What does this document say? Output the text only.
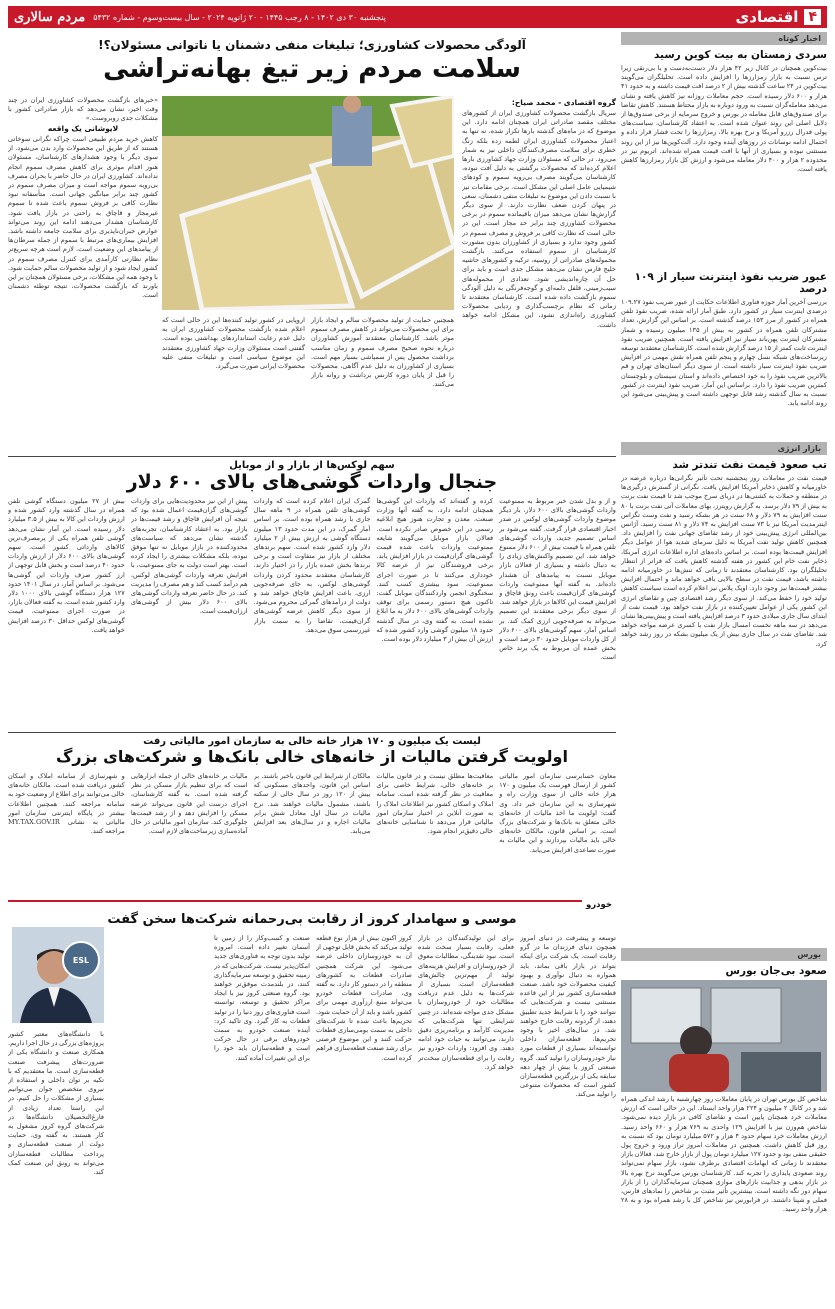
۴
اقتصادی
پنجشنبه ۳۰ دی ۱۴۰۲ - ۸ رجب ۱۴۴۵ - ۲۰ ژانویه ۲۰۲۴ - سال بیست‌و‌سوم - شماره ۵۴۳۲
مردم سالاری
اخبار کوتاه
سردی زمستان به بیت کوین رسید

بیت‌کوین همچنان در کانال زیر ۴۲ هزار دلار دست‌به‌دست و با بی‌رنقی زیرا ترس نسبت به بازار رمزارزها را افزایش داده است. تحلیلگران می‌گویند بیت‌کوین در ۲۴ ساعت گذشته بیش از ۲ درصد افت قیمت داشته و به حدود ۴۱ هزار و ۶۰۰ دلار رسیده است. حجم معاملات روزانه نیز کاهش یافته و نشان می‌دهد معامله‌گران نسبت به ورود دوباره به بازار محتاط هستند. کاهش تقاضا برای صندوق‌های قابل معامله در بورس و خروج سرمایه از برخی صندوق‌ها از دلایل اصلی این روند عنوان شده است. به اعتقاد کارشناسان، سیاست‌های پولی فدرال رزرو آمریکا و نرخ بهره بالا، رمزارزها را تحت فشار قرار داده و احتمال ادامه نوسانات در روزهای آینده وجود دارد. آلت‌کوین‌ها نیز از این روند مستثنی نبوده و بسیاری از آنها با افت قیمت همراه شده‌اند. اتریوم نیز در محدوده ۲ هزار و ۴۰۰ دلار معامله می‌شود و ارزش کل بازار رمزارزها کاهش یافته است.

عبور ضریب نفوذ اینترنت سیار از ۱۰۹ درصد

بررسی آخرین آمار حوزه فناوری اطلاعات حکایت از عبور ضریب نفوذ ۱۰۹.۲۷ درصدی اینترنت سیار در کشور دارد. طبق آمار ارائه شده، ضریب نفوذ تلفن همراه در کشور از مرز ۱۵۳ درصد گذشته است. بر اساس این گزارش، تعداد مشترکان تلفن همراه در کشور به بیش از ۱۳۵ میلیون رسیده و شمار مشترکان اینترنت پهن‌باند سیار نیز افزایش یافته است. همچنین ضریب نفوذ اینترنت ثابت کمتر از ۱۵ درصد گزارش شده است. کارشناسان معتقدند توسعه زیرساخت‌های شبکه نسل چهارم و پنجم تلفن همراه نقش مهمی در افزایش ضریب نفوذ اینترنت سیار داشته است. از سوی دیگر استان‌های تهران و قم بالاترین ضریب نفوذ را به خود اختصاص داده‌اند و استان سیستان و بلوچستان کمترین ضریب نفوذ را دارد. براساس این آمار، ضریب نفوذ اینترنت در کشور نسبت به سال گذشته رشد قابل توجهی داشته است و پیش‌بینی می‌شود این روند ادامه یابد.

بازار انرژی
تب صعود قیمت نفت تندتر شد

قیمت نفت در معاملات روز پنجشنبه تحت تأثیر نگرانی‌ها درباره عرضه در خاورمیانه و کاهش ذخایر آمریکا افزایش یافت. نگرانی از گسترش درگیری‌ها در منطقه و حملات به کشتی‌ها در دریای سرخ موجب شد تا قیمت نفت برنت به بیش از ۷۹ دلار برسد. به گزارش رویترز، بهای معاملات آتی نفت برنت با ۸۰ سنت افزایش به ۷۹ دلار و ۶۸ سنت در هر بشکه رسید و نفت وست تگزاس اینترمدیت آمریکا نیز با ۷۳ سنت افزایش به ۷۴ دلار و ۸۱ سنت رسید. آژانس بین‌المللی انرژی پیش‌بینی خود از رشد تقاضای جهانی نفت را افزایش داد. همچنین کاهش تولید نفت آمریکا به دلیل سرمای شدید هوا از عوامل دیگر افزایش قیمت‌ها بوده است. بر اساس داده‌های اداره اطلاعات انرژی آمریکا، ذخایر نفت خام این کشور در هفته گذشته کاهش یافت که فراتر از انتظار تحلیلگران بود. کارشناسان معتقدند تا زمانی که تنش‌ها در خاورمیانه ادامه داشته باشد، قیمت نفت در سطح بالایی باقی خواهد ماند و احتمال افزایش بیشتر قیمت‌ها نیز وجود دارد. اوپک پلاس نیز اعلام کرده است سیاست کاهش تولید خود را حفظ می‌کند. از سوی دیگر رشد اقتصادی چین و تقاضای انرژی این کشور یکی از عوامل تعیین‌کننده در بازار نفت خواهد بود. قیمت نفت از ابتدای سال جاری میلادی حدود ۳ درصد افزایش یافته است و پیش‌بینی‌ها نشان می‌دهد در سه ماهه نخست امسال بازار نفت با کسری عرضه مواجه خواهد شد. تقاضای نفت در سال جاری بیش از یک میلیون بشکه در روز رشد خواهد کرد.

بورس
صعود بی‌جان بورس

شاخص کل بورس تهران در پایان معاملات روز چهارشنبه با رشد اندکی همراه شد و در کانال ۲ میلیون و ۲۲۴ هزار واحد ایستاد. این در حالی است که ارزش معاملات خرد همچنان پایین است و تقاضای کافی در بازار دیده نمی‌شود. شاخص هم‌وزن نیز با افزایش ۱۲۹ واحدی به ۷۶۹ هزار و ۶۶۰ واحد رسید. ارزش معاملات خرد سهام حدود ۴ هزار و ۵۷۲ میلیارد تومان بود که نسبت به روز قبل کاهش داشت. همچنین در معاملات امروز تراز ورود و خروج پول حقیقی منفی بود و حدود ۱۲۷ میلیارد تومان پول از بازار خارج شد. فعالان بازار معتقدند تا زمانی که ابهامات اقتصادی برطرف نشود، بازار سهام نمی‌تواند روند صعودی پایداری را تجربه کند. کارشناسان بورس می‌گویند نرخ بهره بالا در بازار بدهی و جذابیت بازارهای موازی همچنان سرمایه‌گذاران را از بازار سهام دور نگه داشته است. بیشترین تأثیر مثبت بر شاخص را نمادهای فارس، فملی و شپنا داشتند. در فرابورس نیز شاخص کل با رشد همراه بود و به ۲۸ هزار واحد رسید.

آلودگی محصولات کشاورزی؛ تبلیغات منفی دشمنان یا ناتوانی مسئولان؟!

سلامت مردم زیر تیغ بهانه‌تراشی

گروه اقتصادی - محمد صیاح:

سریال بازگشت محصولات کشاورزی ایران از کشورهای مختلف مقصد صادراتی ایران همچنان ادامه دارد. این موضوع که در ماه‌های گذشته بارها تکرار شده، نه تنها به اعتبار محصولات کشاورزی ایران لطمه زده بلکه زنگ خطری برای سلامت مصرف‌کنندگان داخلی نیز به شمار می‌رود. در حالی که مسئولان وزارت جهاد کشاورزی بارها اعلام کرده‌اند که محصولات برگشتی به دلیل آفت نبوده، کارشناسان می‌گویند مصرف بی‌رویه سموم و کودهای شیمیایی عامل اصلی این مشکل است. برخی مقامات نیز با نسبت دادن این موضوع به تبلیغات منفی دشمنان، سعی در پنهان کردن ضعف نظارت دارند. از سوی دیگر گزارش‌ها نشان می‌دهد میزان باقیمانده سموم در برخی محصولات کشاورزی چند برابر حد مجاز است. این در حالی است که نظارت کافی بر فروش و مصرف سموم در کشور وجود ندارد و بسیاری از کشاورزان بدون مشورت کارشناسان از سموم استفاده می‌کنند. بازگشت محموله‌های صادراتی از روسیه، ترکیه و کشورهای حاشیه خلیج فارس نشان می‌دهد مشکل جدی است و باید برای حل آن چاره‌اندیشی شود. تعدادی از محموله‌های سیب‌زمینی، فلفل دلمه‌ای و گوجه‌فرنگی به دلیل آلودگی سموم بازگشت داده شده است. کارشناسان معتقدند تا زمانی که نظام برچسب‌گذاری و ردیابی محصولات کشاورزی راه‌اندازی نشود، این مشکل ادامه خواهد داشت.

«خبرهای بازگشت محصولات کشاورزی ایران در چند وقت اخیر، نشان می‌دهد که بازار صادراتی کشور با مشکلات جدی روبروست.»

لایوشانی یک واقعه

کاهش خرید مردم طبیعی است چراکه نگرانی سوخاتی هستند که از طریق این محصولات وارد بدن می‌شود. از سوی دیگر با وجود هشدارهای کارشناسان، مسئولان هنوز اقدام موثری برای کاهش مصرف سموم انجام نداده‌اند. کشاورزی ایران در حال حاضر با بحران مصرف بی‌رویه سموم مواجه است و میزان مصرف سموم در کشور چند برابر میانگین جهانی است. متأسفانه نبود نظارت کافی بر فروش سموم باعث شده تا سموم غیرمجاز و قاچاق به راحتی در بازار یافت شود. کارشناسان هشدار می‌دهند ادامه این روند می‌تواند عوارض جبران‌ناپذیری برای سلامت جامعه داشته باشد. افزایش بیماری‌های مرتبط با سموم از جمله سرطان‌ها از پیامدهای این وضعیت است. لازم است هرچه سریع‌تر نظام نظارتی کارآمدی برای کنترل مصرف سموم در کشور ایجاد شود و از تولید محصولات سالم حمایت شود. با وجود همه این مشکلات، برخی مسئولان همچنان بر این باورند که بازگشت محصولات، نتیجه توطئه دشمنان است.

همچنین حمایت از تولید محصولات سالم و ایجاد بازار برای این محصولات می‌تواند در کاهش مصرف سموم موثر باشد. کارشناسان معتقدند آموزش کشاورزان درباره نحوه صحیح مصرف سموم و زمان مناسب برداشت محصول پس از سمپاشی بسیار مهم است. بسیاری از کشاورزان به دلیل عدم آگاهی، محصولات را قبل از پایان دوره کارنس برداشت و روانه بازار می‌کنند.

اروپایی در کشور تولید کننده‌ها این در حالی است که اعلام شده بازگشت محصولات کشاورزی ایران به دلیل عدم رعایت استانداردهای بهداشتی بوده است. گفتنی است مسئولان وزارت جهاد کشاورزی معتقدند این موضوع سیاسی است و تبلیغات منفی علیه محصولات ایرانی صورت می‌گیرد.

سهم لوکس‌ها از بازار و از موبایل
جنجال واردات گوشی‌های بالای ۶۰۰ دلار

و از و بدل شدن خبر مربوط به ممنوعیت واردات گوشی‌های بالای ۶۰۰ دلار، بار دیگر موضوع واردات گوشی‌های لوکس در صدر اخبار اقتصادی قرار گرفت. گفته می‌شود بر اساس تصمیم جدید، واردات گوشی‌های تلفن همراه با قیمت بیش از ۶۰۰ دلار ممنوع خواهد شد. این تصمیم واکنش‌های زیادی را به دنبال داشته و بسیاری از فعالان بازار موبایل نسبت به پیامدهای آن هشدار داده‌اند. به گفته آنها ممنوعیت واردات گوشی‌های گران‌قیمت باعث رونق قاچاق و افزایش قیمت این کالاها در بازار خواهد شد. از سوی دیگر برخی معتقدند این تصمیم می‌تواند به صرفه‌جویی ارزی کمک کند. بر اساس آمار، سهم گوشی‌های بالای ۶۰۰ دلار از کل واردات موبایل حدود ۳۰ درصد است و بخش عمده آن مربوط به یک برند خاص است.

کرده و گفته‌اند که واردات این گوشی‌ها همچنان ادامه دارد. به گفته آنها وزارت صنعت، معدن و تجارت هنوز هیچ ابلاغیه رسمی در این خصوص صادر نکرده است. فعالان بازار موبایل می‌گویند شایعه ممنوعیت واردات باعث شده قیمت گوشی‌های گران‌قیمت در بازار افزایش یابد. برخی فروشندگان نیز از عرضه کالا خودداری می‌کنند تا در صورت اجرای ممنوعیت، سود بیشتری کسب کنند. سخنگوی انجمن واردکنندگان موبایل گفت: تاکنون هیچ دستور رسمی برای توقف واردات گوشی‌های بالای ۶۰۰ دلار به ما ابلاغ نشده است. به گفته وی، در سال گذشته حدود ۱۸ میلیون گوشی وارد کشور شده که ارزش آن بیش از ۳ میلیارد دلار بوده است.

گمرک ایران اعلام کرده است که واردات گوشی‌های تلفن همراه در ۹ ماهه سال جاری با رشد همراه بوده است. بر اساس آمار گمرک، در این مدت حدود ۱۳ میلیون دستگاه گوشی به ارزش بیش از ۲ میلیارد دلار وارد کشور شده است. سهم برندهای مختلف از بازار نیز متفاوت است و برخی برندها بخش عمده بازار را در اختیار دارند. کارشناسان معتقدند محدود کردن واردات گوشی‌های لوکس، به جای صرفه‌جویی ارزی، باعث افزایش قاچاق خواهد شد و دولت از درآمدهای گمرکی محروم می‌شود. از سوی دیگر کاهش عرضه گوشی‌های گران‌قیمت، تقاضا را به سمت بازار غیررسمی سوق می‌دهد.

پیش از این نیز محدودیت‌هایی برای واردات گوشی‌های گران‌قیمت اعمال شده بود که نتیجه آن افزایش قاچاق و رشد قیمت‌ها در بازار بود. به اعتقاد کارشناسان، تجربه‌های گذشته نشان می‌دهد که سیاست‌های محدودکننده در بازار موبایل نه تنها موفق نبوده، بلکه مشکلات بیشتری را ایجاد کرده است. بهتر است دولت به جای ممنوعیت، با افزایش تعرفه واردات گوشی‌های لوکس، هم درآمد کسب کند و هم مصرف را مدیریت کند. در حال حاضر تعرفه واردات گوشی‌های بالای ۶۰۰ دلار بیش از گوشی‌های ارزان‌قیمت است.

بیش از ۲۷ میلیون دستگاه گوشی تلفن همراه در سال گذشته وارد کشور شده و ارزش واردات این کالا به بیش از ۳.۵ میلیارد دلار رسیده است. این آمار نشان می‌دهد گوشی تلفن همراه یکی از پرمصرف‌ترین کالاهای وارداتی کشور است. سهم گوشی‌های بالای ۶۰۰ دلار از ارزش واردات حدود ۴۰ درصد است و بخش قابل توجهی از ارز کشور صرف واردات این گوشی‌ها می‌شود. بر اساس آمار، در سال ۱۴۰۱ حدود ۱۲۷ هزار دستگاه گوشی بالای ۱۰۰۰ دلار وارد کشور شده است. به گفته فعالان بازار، در صورت اجرای ممنوعیت، قیمت گوشی‌های لوکس حداقل ۳۰ درصد افزایش خواهد یافت.

لیست یک میلیون و ۱۷۰ هزار خانه خالی به سازمان امور مالیاتی رفت
اولویت گرفتن مالیات از خانه‌های خالی بانک‌ها و شرکت‌های بزرگ

معاون حسابرسی سازمان امور مالیاتی کشور از ارسال فهرست یک میلیون و ۱۷۰ هزار خانه خالی از سوی وزارت راه و شهرسازی به این سازمان خبر داد. وی گفت: اولویت ما اخذ مالیات از خانه‌های خالی متعلق به بانک‌ها و شرکت‌های بزرگ است. بر اساس قانون، مالکان خانه‌های خالی باید مالیات بپردازند و این مالیات به صورت تصاعدی افزایش می‌یابد.

معافیت‌ها مطلق نیست و در قانون مالیات بر خانه‌های خالی، شرایط خاصی برای معافیت در نظر گرفته شده است. سامانه املاک و اسکان کشور نیز اطلاعات املاک را به صورت آنلاین در اختیار سازمان امور مالیاتی قرار می‌دهد تا شناسایی خانه‌های خالی دقیق‌تر انجام شود.

مالکان از شرایط این قانون باخبر باشند. بر اساس این قانون، واحدهای مسکونی که بیش از ۱۲۰ روز در سال خالی از سکنه باشند، مشمول مالیات خواهند شد. نرخ مالیات در سال اول معادل شش برابر مالیات اجاره و در سال‌های بعد افزایش می‌یابد.

مالیات بر خانه‌های خالی از جمله ابزارهایی است که برای تنظیم بازار مسکن در نظر گرفته شده است. به گفته کارشناسان، اجرای درست این قانون می‌تواند عرضه مسکن را افزایش دهد و از رشد قیمت‌ها جلوگیری کند. سازمان امور مالیاتی در حال آماده‌سازی زیرساخت‌های لازم است.

و شهرسازی از سامانه املاک و اسکان کشور دریافت شده است. مالکان خانه‌های خالی می‌توانند برای اطلاع از وضعیت خود به سامانه مراجعه کنند. همچنین اطلاعات بیشتر در پایگاه اینترنتی سازمان امور مالیاتی به نشانی MY.TAX.GOV.IR مراجعه کنند.

خودرو
موسی و سهامدار کروز از رقابت بی‌رحمانه شرکت‌ها سخن گفت
ESL

توسعه و پیشرفت در دنیای امروز همچون دنیای فرزندان ما در گرو رقابت است. یک شرکت برای اینکه بتواند در بازار باقی بماند، باید همواره به دنبال نوآوری و بهبود کیفیت محصولات خود باشد. صنعت قطعه‌سازی کشور نیز از این قاعده مستثنی نیست و شرکت‌هایی که نتوانند خود را با شرایط جدید تطبیق دهند، از گردونه رقابت خارج خواهند شد. در سال‌های اخیر با وجود تحریم‌ها، قطعه‌سازان داخلی توانسته‌اند بسیاری از قطعات مورد نیاز خودروسازان را تولید کنند. گروه صنعتی کروز با بیش از چهار دهه سابقه یکی از بزرگترین قطعه‌سازان کشور است که محصولات متنوعی را تولید می‌کند.

برای این تولیدکنندگان در بازار فعلی، رقابت بسیار سخت شده است. نبود نقدینگی، مطالبات معوق از خودروسازان و افزایش هزینه‌های تولید از مهم‌ترین چالش‌های قطعه‌سازان است. بسیاری از شرکت‌ها به دلیل عدم دریافت مطالبات خود از خودروسازان با مشکل جدی مواجه شده‌اند. در چنین شرایطی تنها شرکت‌هایی که مدیریت کارآمد و برنامه‌ریزی دقیق دارند، می‌توانند به حیات خود ادامه دهند. وی افزود: واردات خودرو نیز رقابت را برای قطعه‌سازان سخت‌تر خواهد کرد.

کروز اکنون بیش از هزار نوع قطعه تولید می‌کند که بخش قابل توجهی از آن به خودروسازان داخلی عرضه می‌شود. این شرکت همچنین صادرات قطعات به کشورهای منطقه را در دستور کار دارد. به گفته وی، صادرات قطعات خودرو می‌تواند منبع ارزآوری مهمی برای کشور باشد و باید از آن حمایت شود. تحریم‌ها باعث شده تا شرکت‌های داخلی به سمت بومی‌سازی قطعات حرکت کنند و این موضوع فرصتی برای رشد صنعت قطعه‌سازی فراهم کرده است.

صنعت و کسب‌وکار را از زمین تا آسمان تغییر داده است. امروزه تولید بدون توجه به فناوری‌های جدید امکان‌پذیر نیست. شرکت‌هایی که در زمینه تحقیق و توسعه سرمایه‌گذاری کنند، در بلندمدت موفق‌تر خواهند بود. گروه صنعتی کروز نیز با ایجاد مراکز تحقیق و توسعه، توانسته است فناوری‌های روز دنیا را در تولید قطعات به کار گیرد. وی تاکید کرد: آینده صنعت خودرو به سمت خودروهای برقی در حال حرکت است و قطعه‌سازان باید خود را برای این تغییرات آماده کنند.

با دانشگاه‌های معتبر کشور پروژه‌های بزرگی در حال اجرا داریم. همکاری صنعت و دانشگاه یکی از ضرورت‌های پیشرفت صنعت قطعه‌سازی است. ما معتقدیم که با تکیه بر توان داخلی و استفاده از نیروی متخصص جوان می‌توانیم بسیاری از مشکلات را حل کنیم. در این راستا تعداد زیادی از فارغ‌التحصیلان دانشگاه‌ها در شرکت‌های گروه کروز مشغول به کار هستند. به گفته وی، حمایت دولت از صنعت قطعه‌سازی و پرداخت مطالبات قطعه‌سازان می‌تواند به رونق این صنعت کمک کند.
